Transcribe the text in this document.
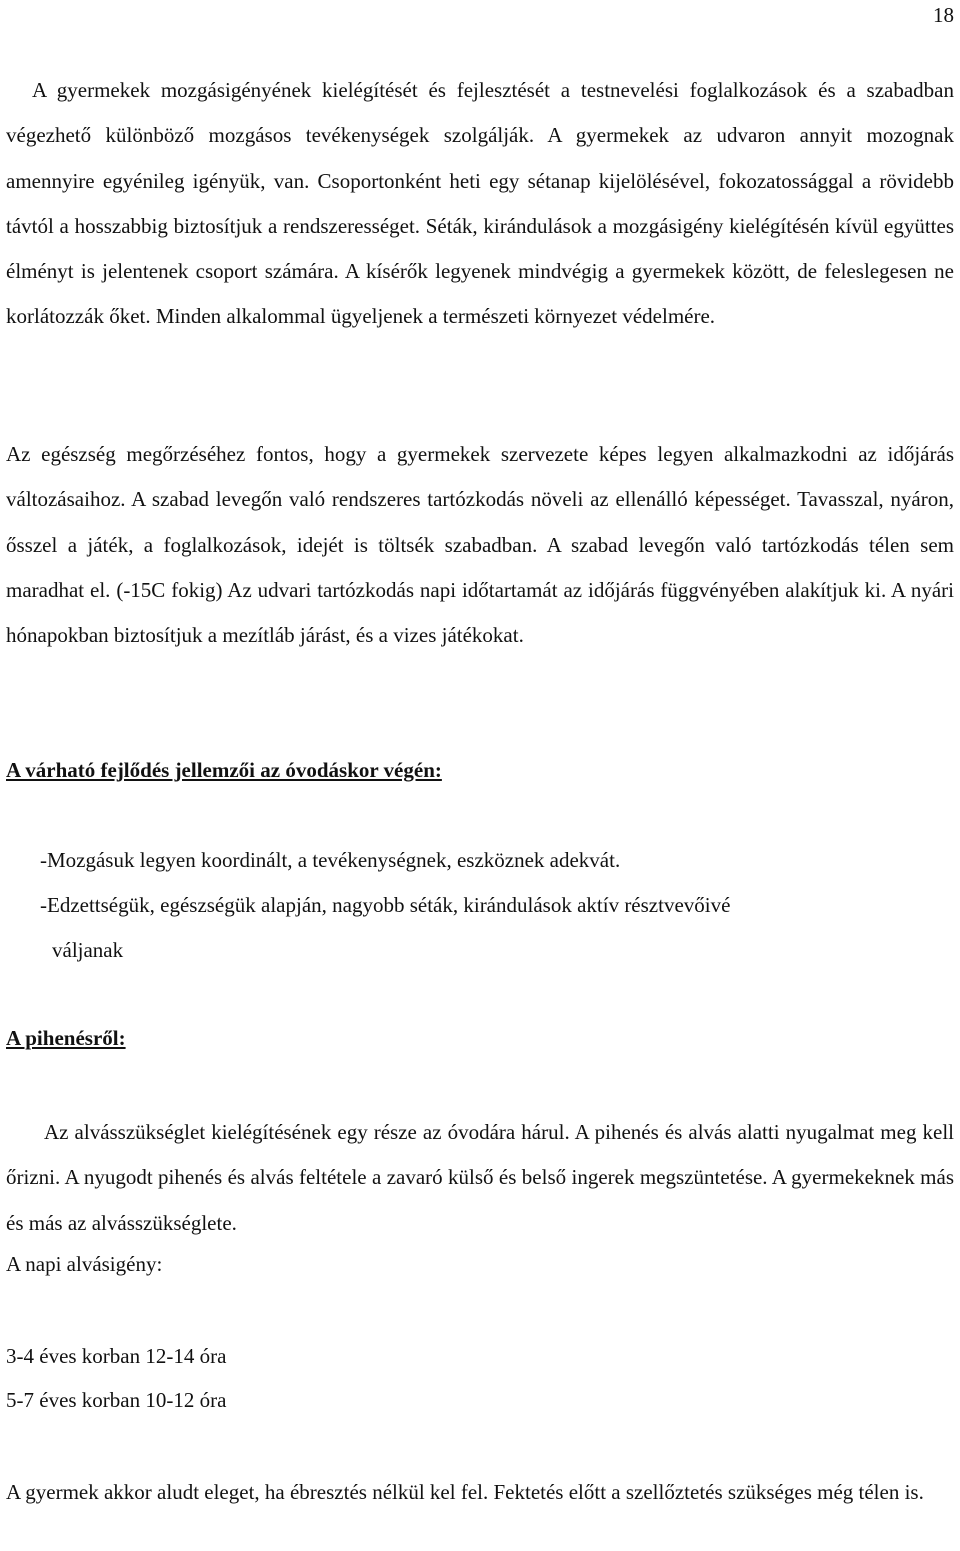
18
A gyermekek mozgásigényének kielégítését és fejlesztését a testnevelési foglalkozások és a szabadban végezhető különböző mozgásos tevékenységek szolgálják. A gyermekek az udvaron annyit mozognak amennyire egyénileg igényük, van. Csoportonként heti egy sétanap kijelölésével, fokozatossággal a rövidebb távtól a hosszabbig biztosítjuk a rendszerességet. Séták, kirándulások a mozgásigény kielégítésén kívül együttes élményt is jelentenek csoport számára. A kísérők legyenek mindvégig a gyermekek között, de feleslegesen ne korlátozzák őket. Minden alkalommal ügyeljenek a természeti környezet védelmére.
Az egészség megőrzéséhez fontos, hogy a gyermekek szervezete képes legyen alkalmazkodni az időjárás változásaihoz. A szabad levegőn való rendszeres tartózkodás növeli az ellenálló képességet. Tavasszal, nyáron, ősszel a játék, a foglalkozások, idejét is töltsék szabadban. A szabad levegőn való tartózkodás télen sem maradhat el. (-15C fokig) Az udvari tartózkodás napi időtartamát az időjárás függvényében alakítjuk ki. A nyári hónapokban biztosítjuk a mezítláb járást, és a vizes játékokat.
A várható fejlődés jellemzői az óvodáskor végén:
-Mozgásuk legyen koordinált, a tevékenységnek, eszköznek adekvát.
-Edzettségük, egészségük alapján, nagyobb séták, kirándulások aktív résztvevőivé
váljanak
A pihenésről:
Az alvásszükséglet kielégítésének egy része az óvodára hárul. A pihenés és alvás alatti nyugalmat meg kell őrizni. A nyugodt pihenés és alvás feltétele a zavaró külső és belső ingerek megszüntetése. A gyermekeknek más és más az alvásszükséglete.
A napi alvásigény:
3-4 éves korban 12-14 óra
5-7 éves korban 10-12 óra
A gyermek akkor aludt eleget, ha ébresztés nélkül kel fel. Fektetés előtt a szellőztetés szükséges még télen is.
